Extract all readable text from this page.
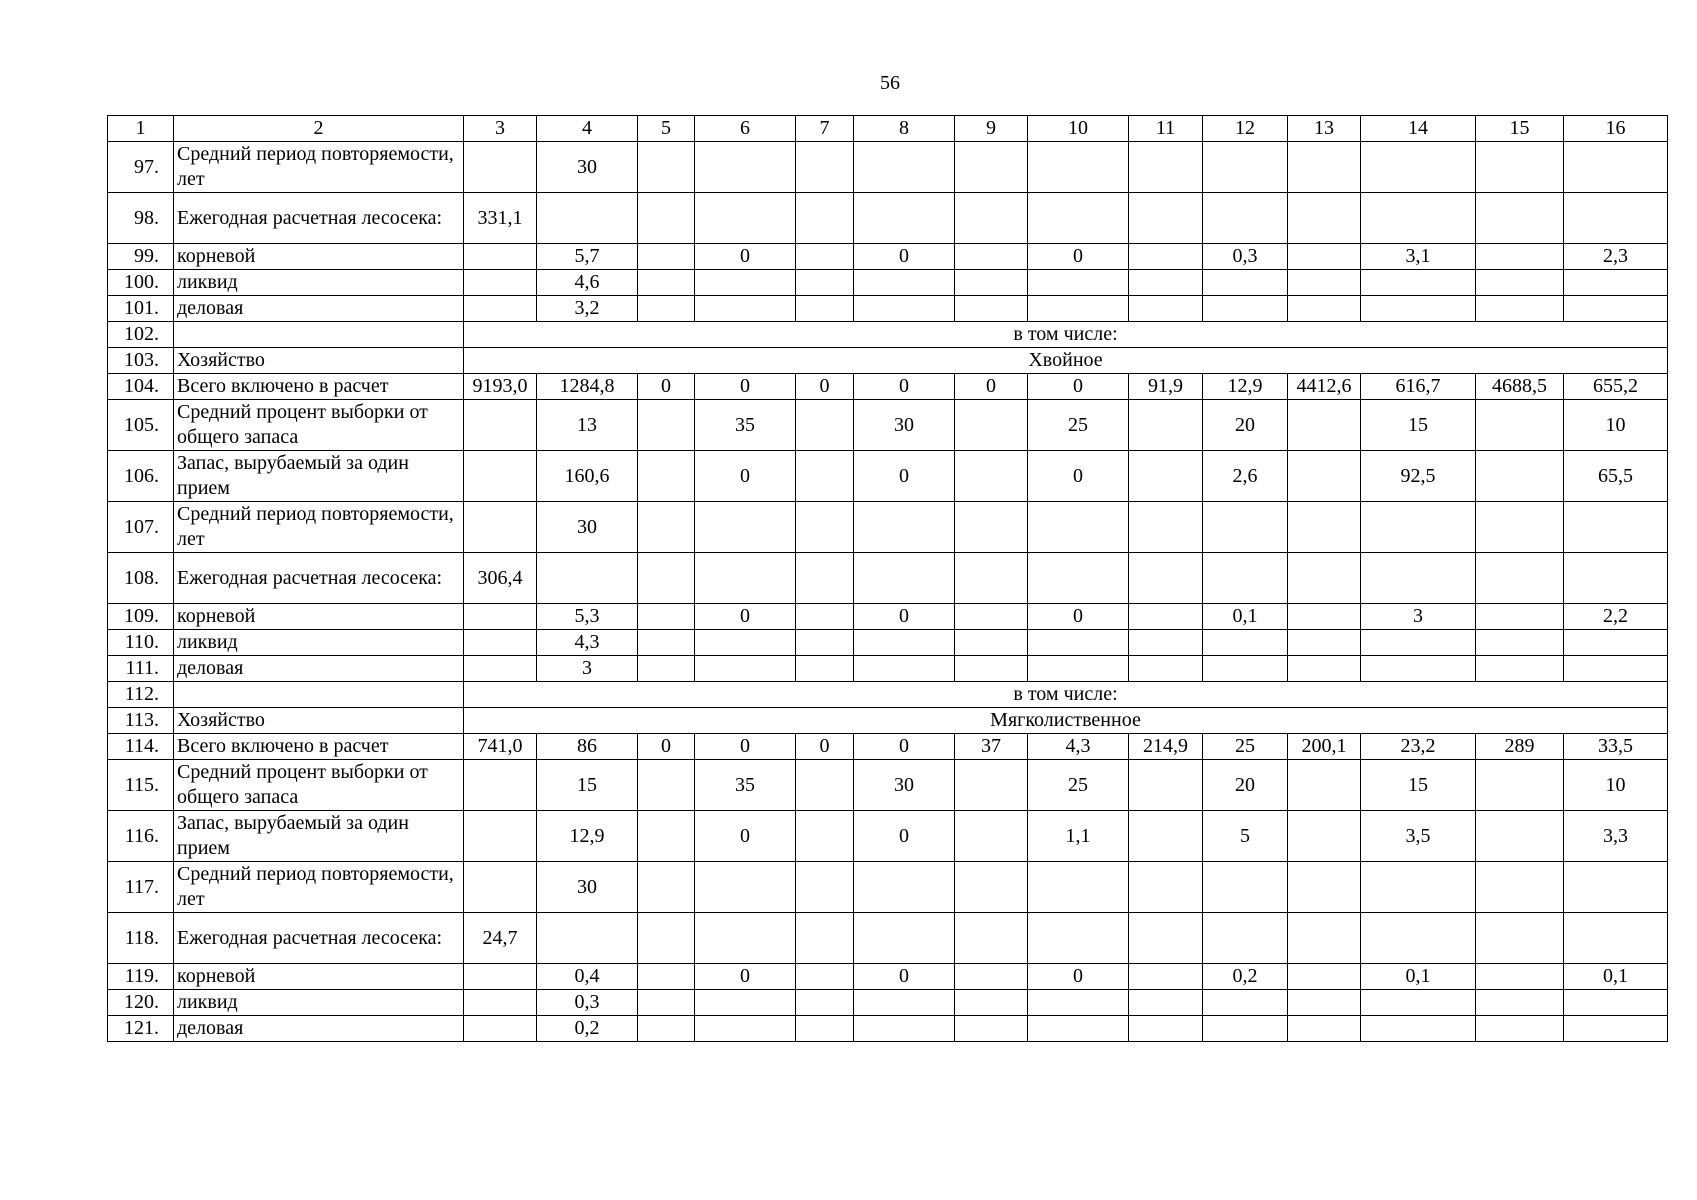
56
1	2	3	4	5	6	7	8	9	10	11	12	13	14	15	16
97.	Средний период повторяемости, лет		30												
98.	Ежегодная расчетная лесосека:	331,1													
99.	корневой		5,7		0		0		0		0,3		3,1		2,3
100.	ликвид		4,6												
101.	деловая		3,2												
102.		в том числе:													
103.	Хозяйство	Хвойное													
104.	Всего включено в расчет	9193,0	1284,8	0	0	0	0	0	0	91,9	12,9	4412,6	616,7	4688,5	655,2
105.	Средний процент выборки от общего запаса		13		35		30		25		20		15		10
106.	Запас, вырубаемый за один прием		160,6		0		0		0		2,6		92,5		65,5
107.	Средний период повторяемости, лет		30												
108.	Ежегодная расчетная лесосека:	306,4													
109.	корневой		5,3		0		0		0		0,1		3		2,2
110.	ликвид		4,3												
111.	деловая		3												
112.		в том числе:													
113.	Хозяйство	Мягколиственное													
114.	Всего включено в расчет	741,0	86	0	0	0	0	37	4,3	214,9	25	200,1	23,2	289	33,5
115.	Средний процент выборки от общего запаса		15		35		30		25		20		15		10
116.	Запас, вырубаемый за один прием		12,9		0		0		1,1		5		3,5		3,3
117.	Средний период повторяемости, лет		30												
118.	Ежегодная расчетная лесосека:	24,7													
119.	корневой		0,4		0		0		0		0,2		0,1		0,1
120.	ликвид		0,3												
121.	деловая		0,2												
